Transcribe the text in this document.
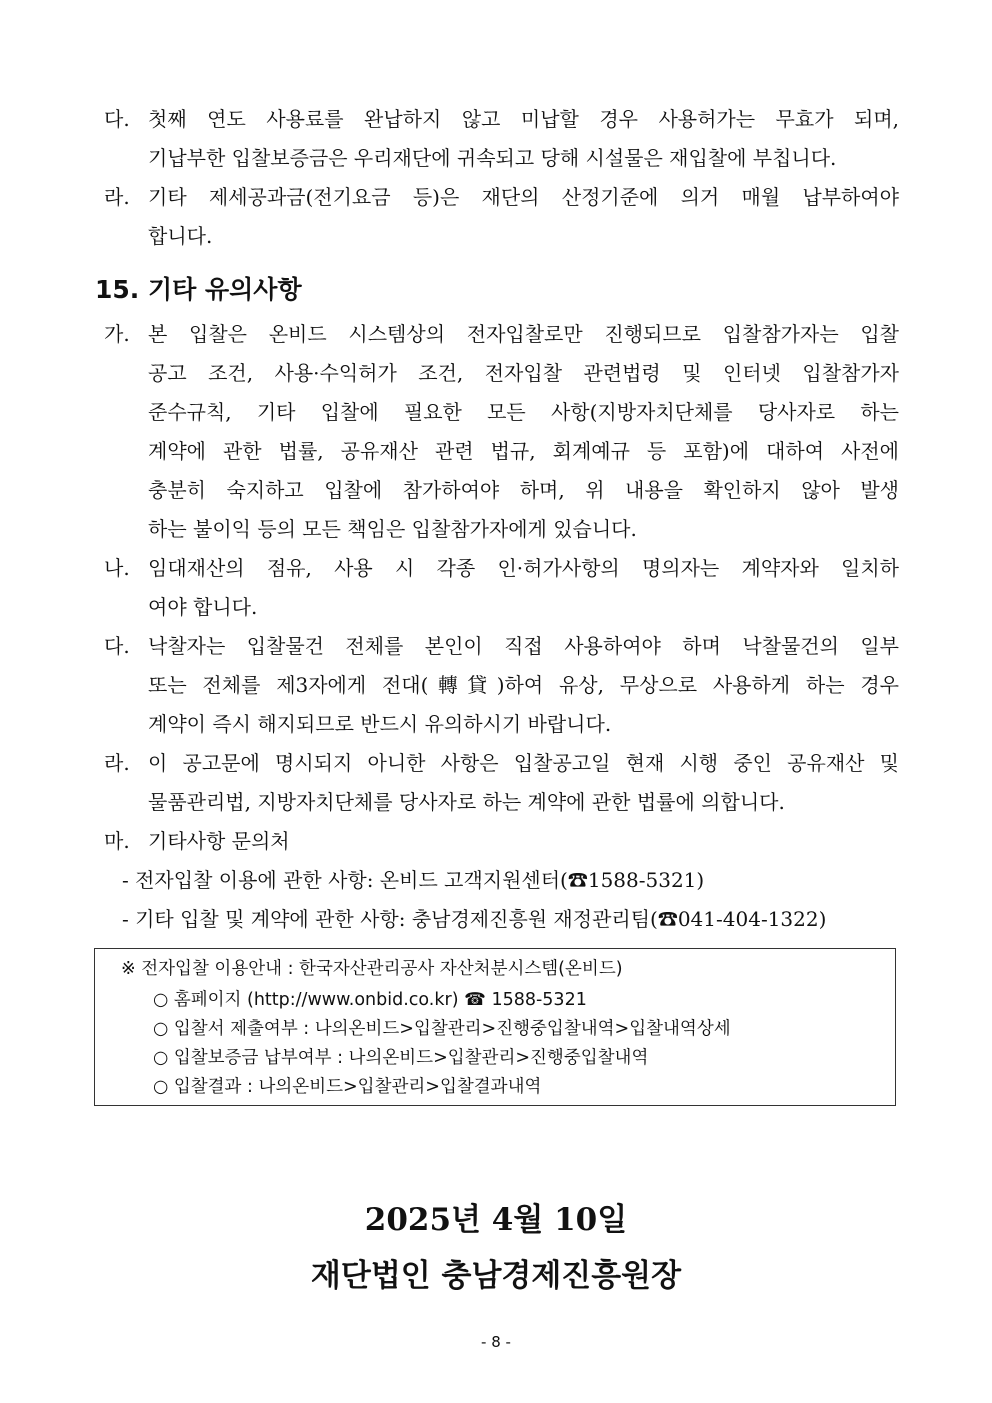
다. 첫째 연도 사용료를 완납하지 않고 미납할 경우 사용허가는 무효가 되며,
기납부한 입찰보증금은 우리재단에 귀속되고 당해 시설물은 재입찰에 부칩니다.
라. 기타 제세공과금(전기요금 등)은 재단의 산정기준에 의거 매월 납부하여야
합니다.
15. 기타 유의사항
가. 본 입찰은 온비드 시스템상의 전자입찰로만 진행되므로 입찰참가자는 입찰
공고 조건, 사용·수익허가 조건, 전자입찰 관련법령 및 인터넷 입찰참가자
준수규칙, 기타 입찰에 필요한 모든 사항(지방자치단체를 당사자로 하는
계약에 관한 법률, 공유재산 관련 법규, 회계예규 등 포함)에 대하여 사전에
충분히 숙지하고 입찰에 참가하여야 하며, 위 내용을 확인하지 않아 발생
하는 불이익 등의 모든 책임은 입찰참가자에게 있습니다.
나. 임대재산의 점유, 사용 시 각종 인·허가사항의 명의자는 계약자와 일치하
여야 합니다.
다. 낙찰자는 입찰물건 전체를 본인이 직접 사용하여야 하며 낙찰물건의 일부
또는 전체를 제3자에게 전대(轉貸)하여 유상, 무상으로 사용하게 하는 경우
계약이 즉시 해지되므로 반드시 유의하시기 바랍니다.
라. 이 공고문에 명시되지 아니한 사항은 입찰공고일 현재 시행 중인 공유재산 및
물품관리법, 지방자치단체를 당사자로 하는 계약에 관한 법률에 의합니다.
마. 기타사항 문의처
- 전자입찰 이용에 관한 사항: 온비드 고객지원센터(☎1588-5321)
- 기타 입찰 및 계약에 관한 사항: 충남경제진흥원 재정관리팀(☎041-404-1322)
※ 전자입찰 이용안내 : 한국자산관리공사 자산처분시스템(온비드)
○ 홈페이지 (http://www.onbid.co.kr) ☎ 1588-5321
○ 입찰서 제출여부 : 나의온비드>입찰관리>진행중입찰내역>입찰내역상세
○ 입찰보증금 납부여부 : 나의온비드>입찰관리>진행중입찰내역
○ 입찰결과 : 나의온비드>입찰관리>입찰결과내역
2025년 4월 10일
재단법인 충남경제진흥원장
- 8 -
